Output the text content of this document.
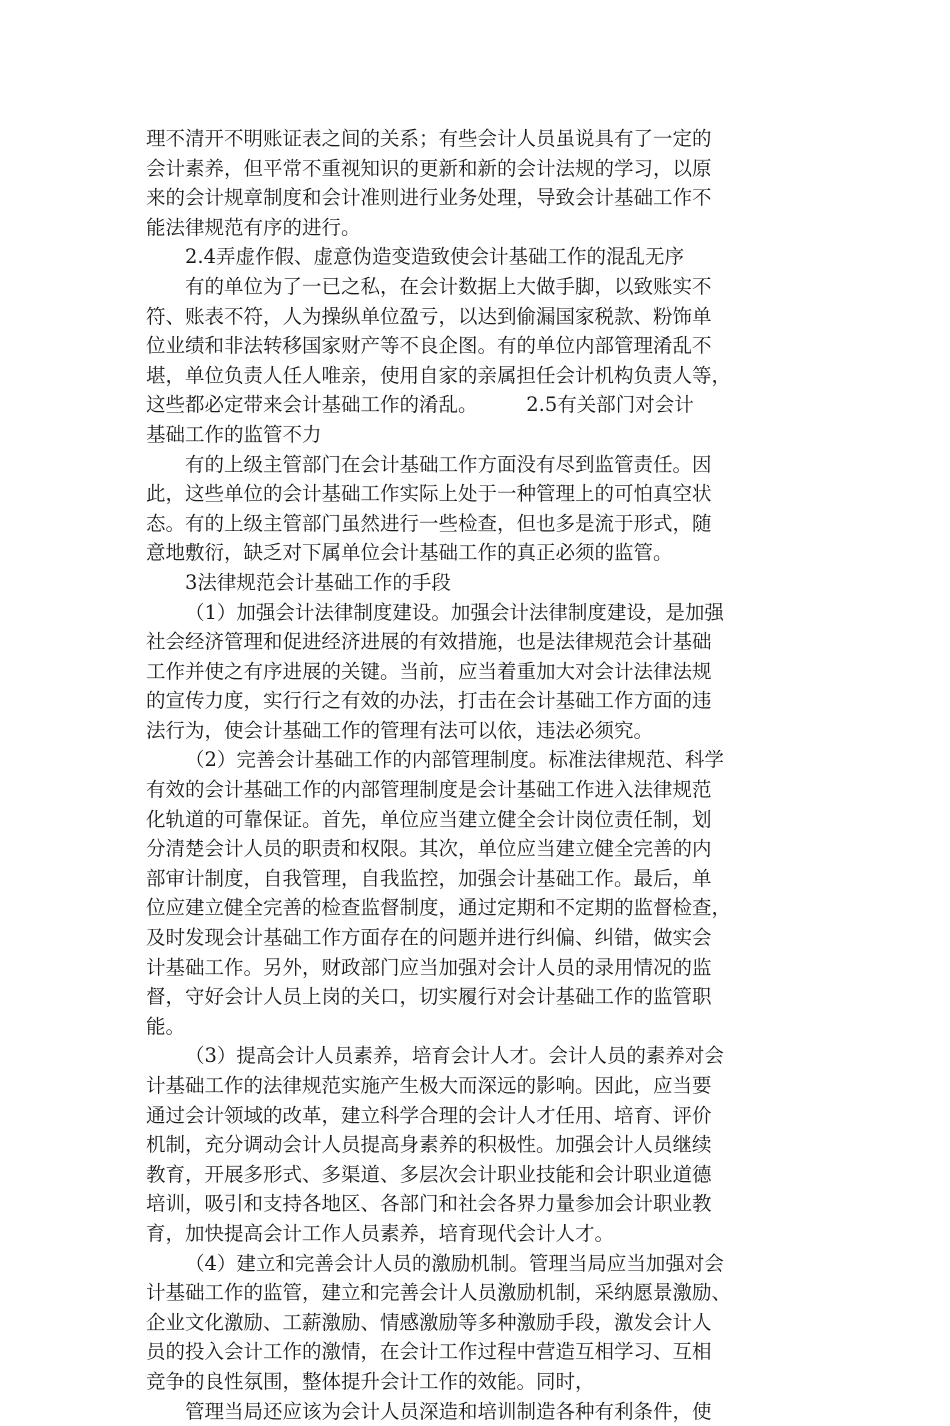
理不清开不明账证表之间的关系；有些会计人员虽说具有了一定的
会计素养，但平常不重视知识的更新和新的会计法规的学习，以原
来的会计规章制度和会计准则进行业务处理，导致会计基础工作不
能法律规范有序的进行。
2.4弄虚作假、虚意伪造变造致使会计基础工作的混乱无序
有的单位为了一已之私，在会计数据上大做手脚，以致账实不
符、账表不符，人为操纵单位盈亏，以达到偷漏国家税款、粉饰单
位业绩和非法转移国家财产等不良企图。有的单位内部管理淆乱不
堪，单位负责人任人唯亲，使用自家的亲属担任会计机构负责人等，
这些都必定带来会计基础工作的淆乱。　　　2.5有关部门对会计
基础工作的监管不力
有的上级主管部门在会计基础工作方面没有尽到监管责任。因
此，这些单位的会计基础工作实际上处于一种管理上的可怕真空状
态。有的上级主管部门虽然进行一些检查，但也多是流于形式，随
意地敷衍，缺乏对下属单位会计基础工作的真正必须的监管。
3法律规范会计基础工作的手段
（1）加强会计法律制度建设。加强会计法律制度建设，是加强
社会经济管理和促进经济进展的有效措施，也是法律规范会计基础
工作并使之有序进展的关键。当前，应当着重加大对会计法律法规
的宣传力度，实行行之有效的办法，打击在会计基础工作方面的违
法行为，使会计基础工作的管理有法可以依，违法必须究。
（2）完善会计基础工作的内部管理制度。标准法律规范、科学
有效的会计基础工作的内部管理制度是会计基础工作进入法律规范
化轨道的可靠保证。首先，单位应当建立健全会计岗位责任制，划
分清楚会计人员的职责和权限。其次，单位应当建立健全完善的内
部审计制度，自我管理，自我监控，加强会计基础工作。最后，单
位应建立健全完善的检查监督制度，通过定期和不定期的监督检查，
及时发现会计基础工作方面存在的问题并进行纠偏、纠错，做实会
计基础工作。另外，财政部门应当加强对会计人员的录用情况的监
督，守好会计人员上岗的关口，切实履行对会计基础工作的监管职
能。
（3）提高会计人员素养，培育会计人才。会计人员的素养对会
计基础工作的法律规范实施产生极大而深远的影响。因此，应当要
通过会计领域的改革，建立科学合理的会计人才任用、培育、评价
机制，充分调动会计人员提高身素养的积极性。加强会计人员继续
教育，开展多形式、多渠道、多层次会计职业技能和会计职业道德
培训，吸引和支持各地区、各部门和社会各界力量参加会计职业教
育，加快提高会计工作人员素养，培育现代会计人才。
（4）建立和完善会计人员的激励机制。管理当局应当加强对会
计基础工作的监管，建立和完善会计人员激励机制，采纳愿景激励、
企业文化激励、工薪激励、情感激励等多种激励手段，激发会计人
员的投入会计工作的激情，在会计工作过程中营造互相学习、互相
竞争的良性氛围，整体提升会计工作的效能。同时，
管理当局还应该为会计人员深造和培训制造各种有利条件，使
